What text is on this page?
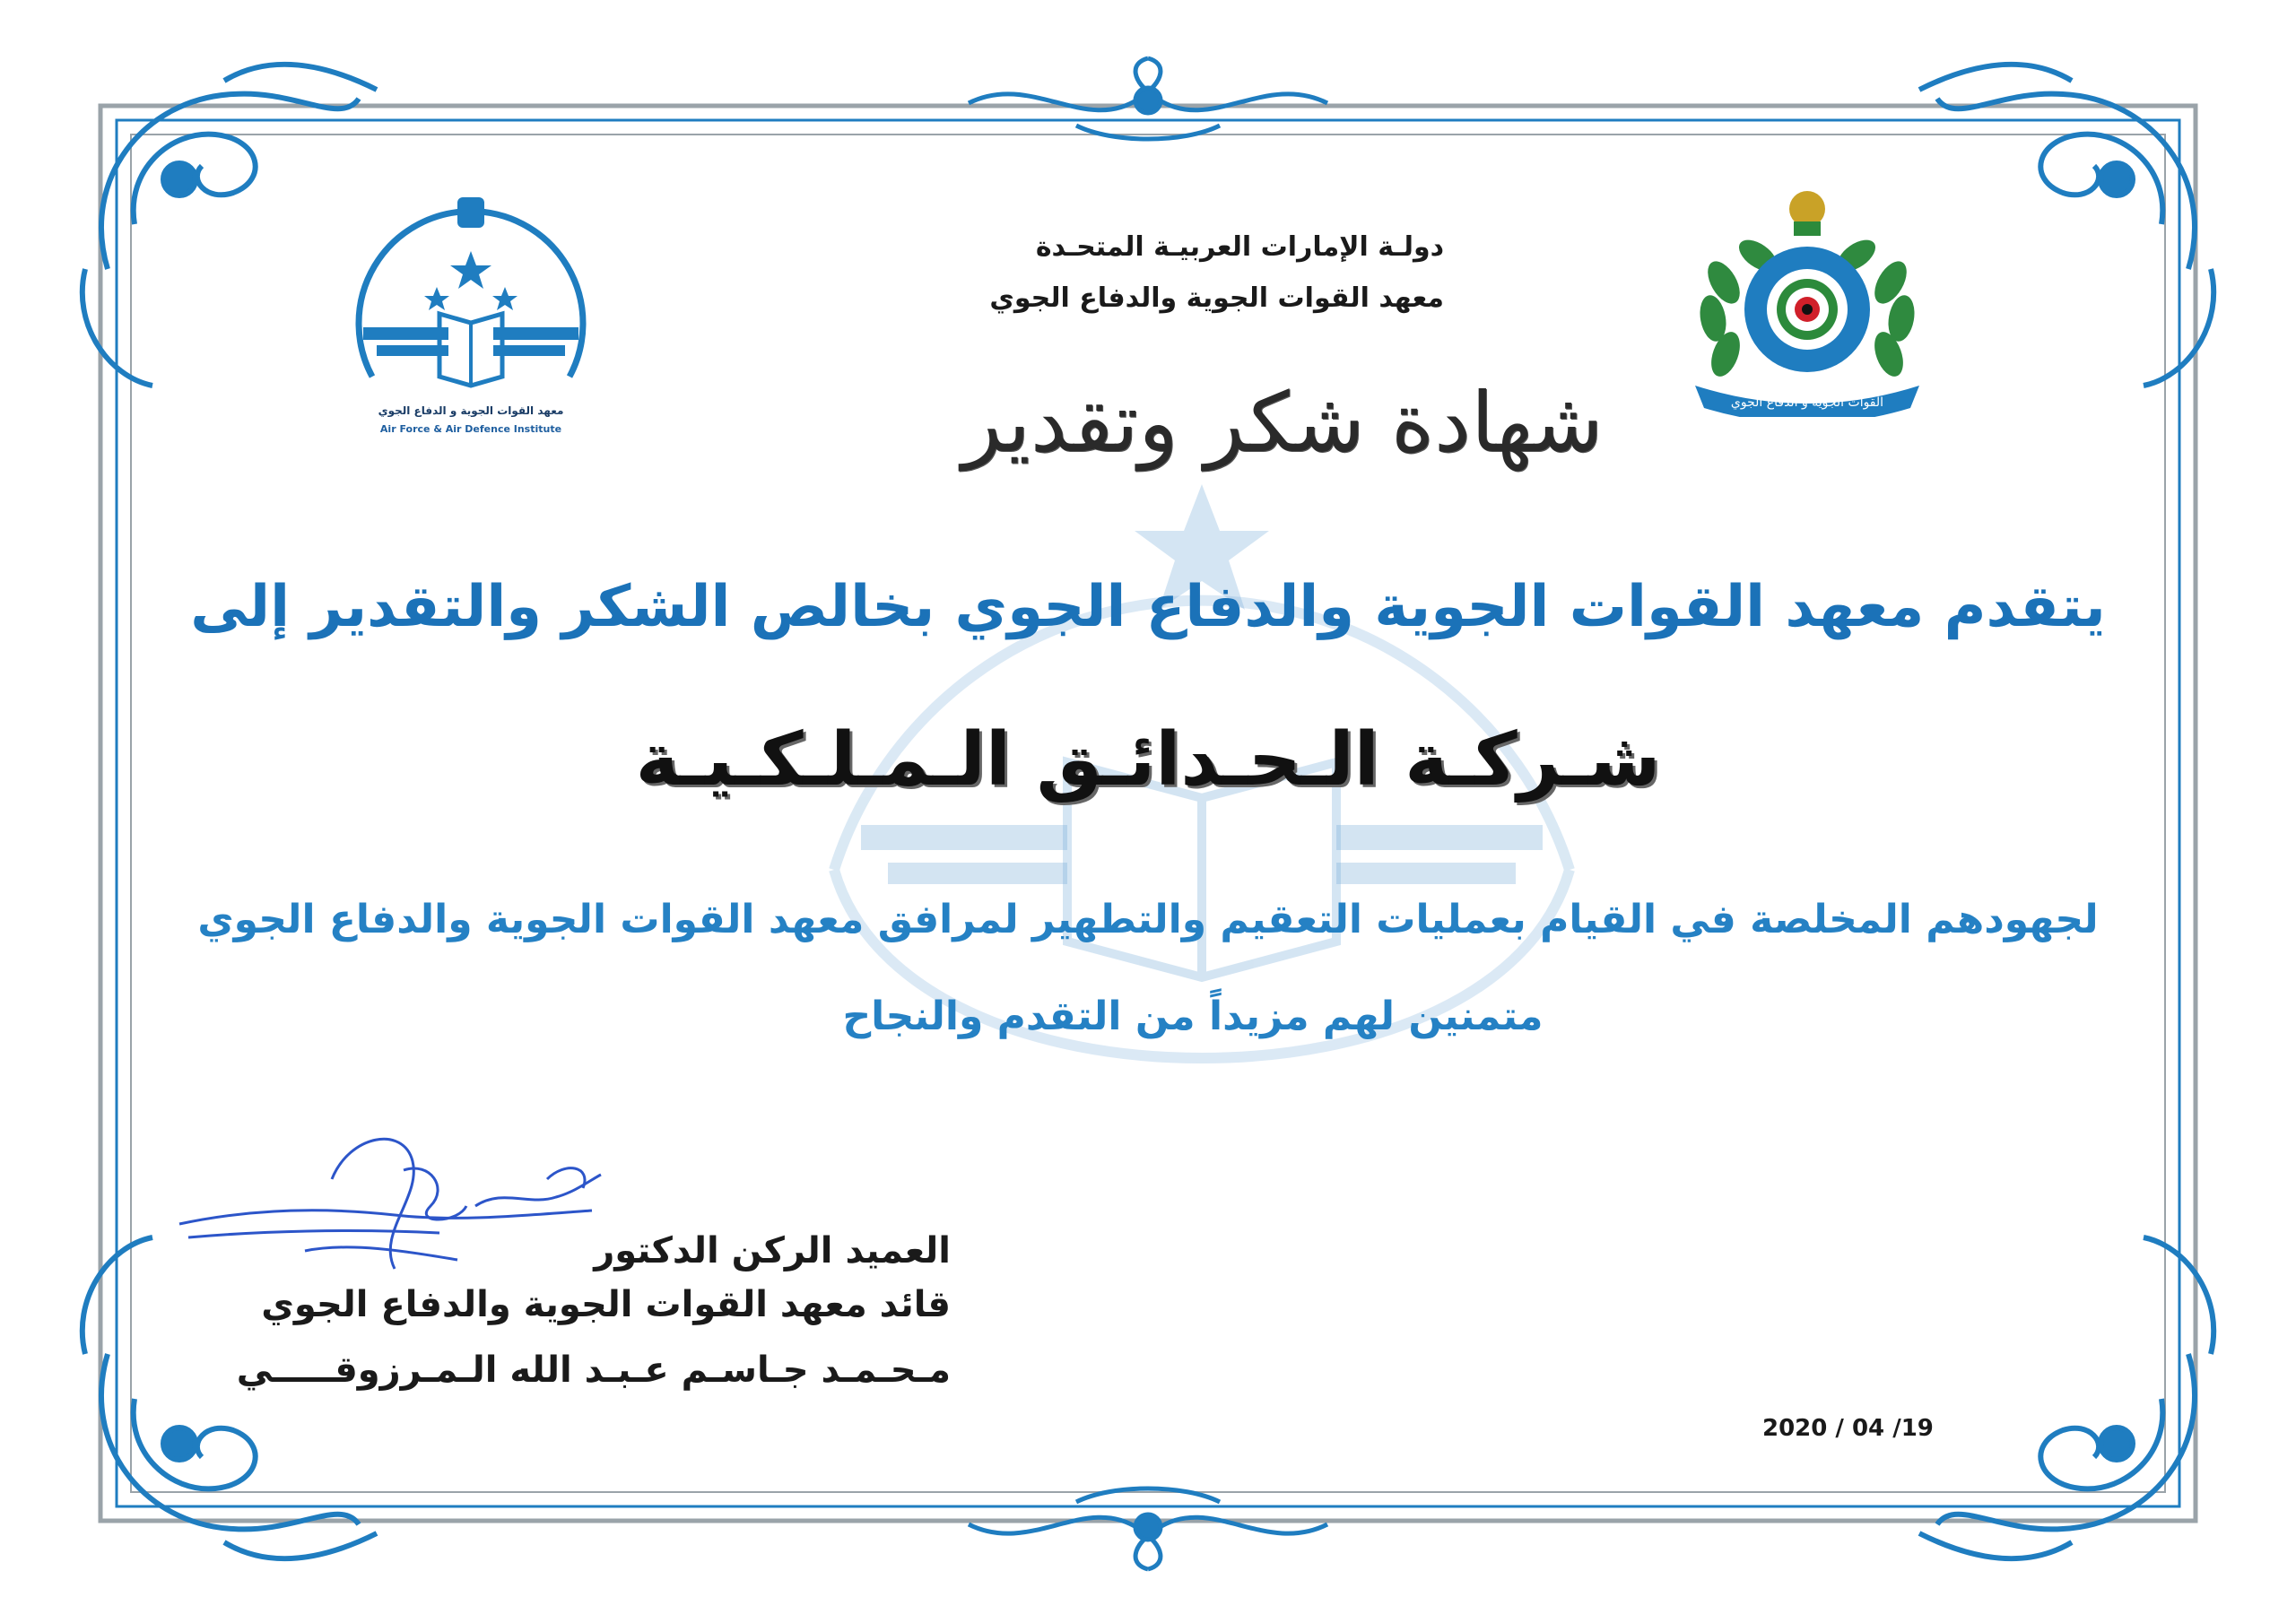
معهد القوات الجوية و الدفاع الجوي
Air Force & Air Defence Institute
القوات الجوية و الدفاع الجوي
دولـة الإمارات العربيـة المتحـدة
معهد القوات الجوية والدفاع الجوي
شهادة شكر وتقدير
يتقدم معهد القوات الجوية والدفاع الجوي بخالص الشكر والتقدير إلى
شـركـة الـحـدائـق الـمـلـكـيـة
لجهودهم المخلصة في القيام بعمليات التعقيم والتطهير لمرافق معهد القوات الجوية والدفاع الجوي
متمنين لهم مزيداً من التقدم والنجاح
العميد الركن الدكتور
قائد معهد القوات الجوية والدفاع الجوي
مـحـمـد جـاسـم عـبـد الله الـمـرزوقـــــي
2020 / 04 /19
